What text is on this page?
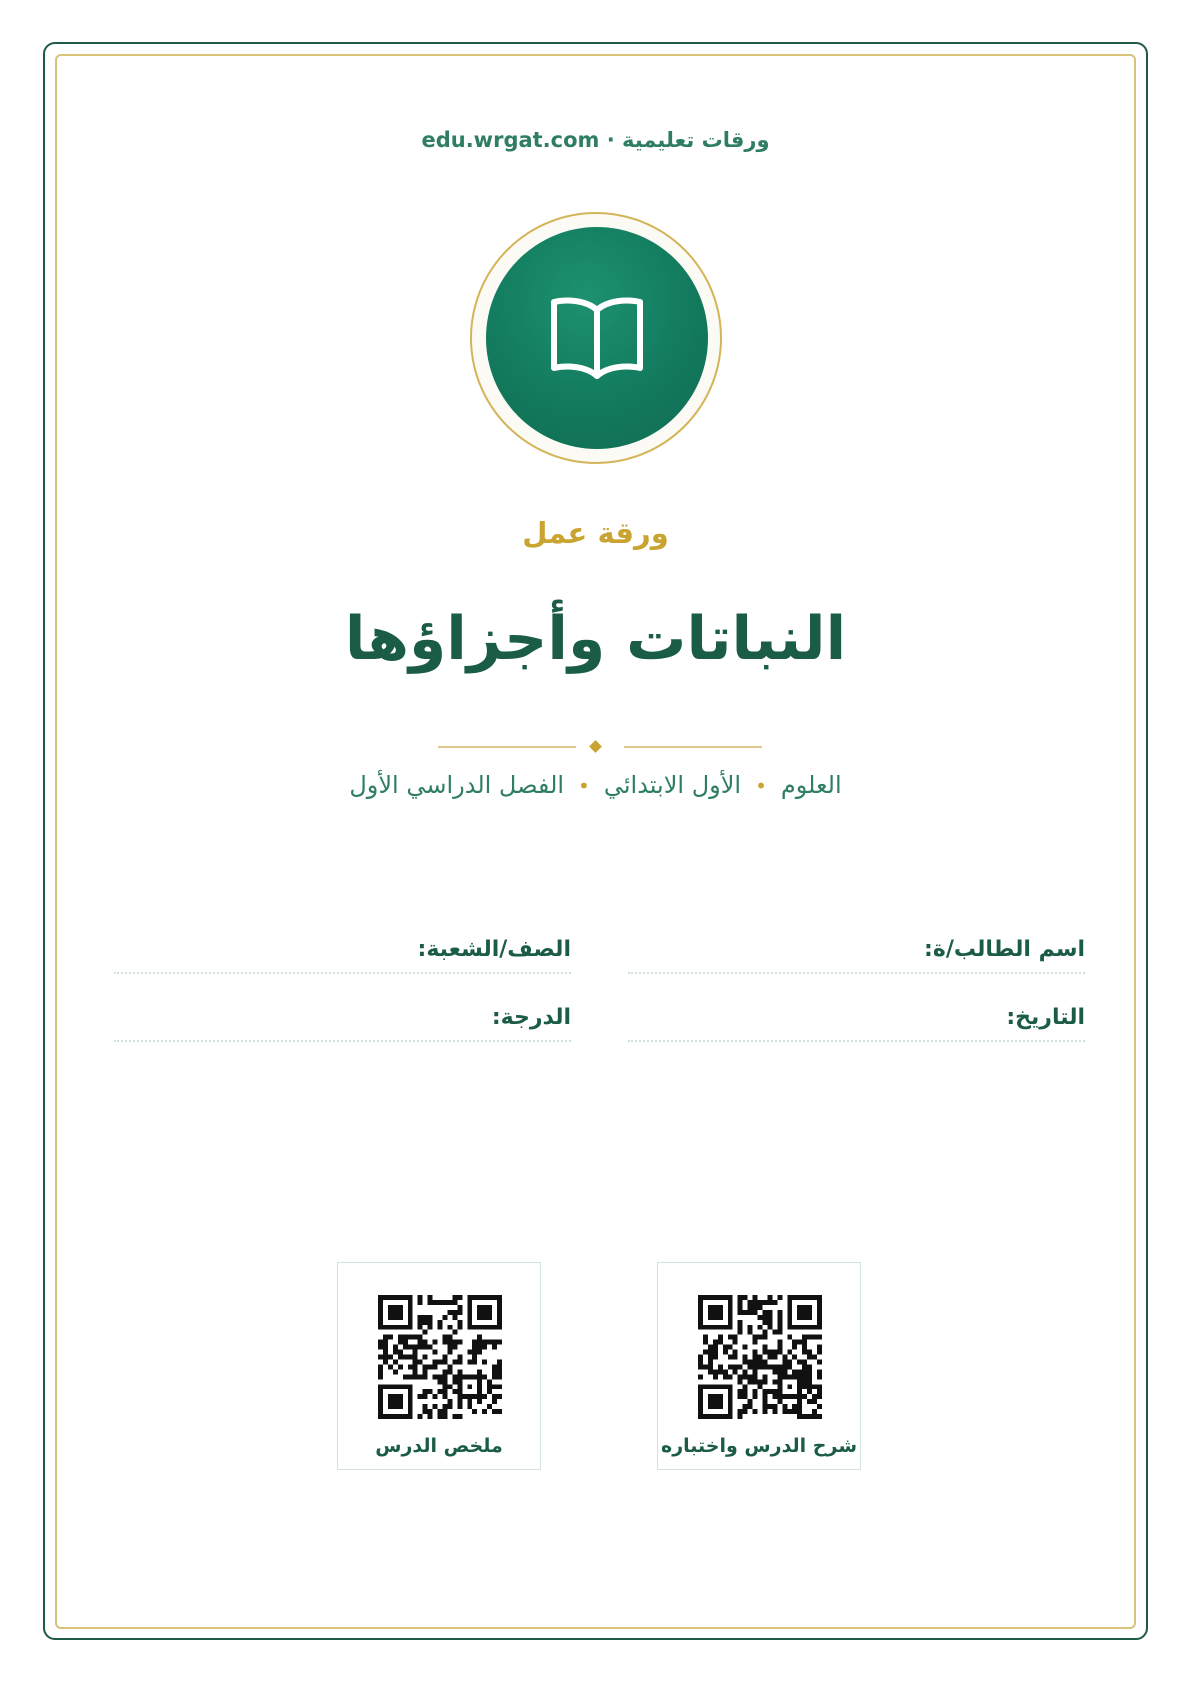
edu.wrgat.com · ورقات تعليمية
ورقة عمل
النباتات وأجزاؤها
العلوم•الأول الابتدائي•الفصل الدراسي الأول
اسم الطالب/ة:
الصف/الشعبة:
التاريخ:
الدرجة:
شرح الدرس واختباره
ملخص الدرس
